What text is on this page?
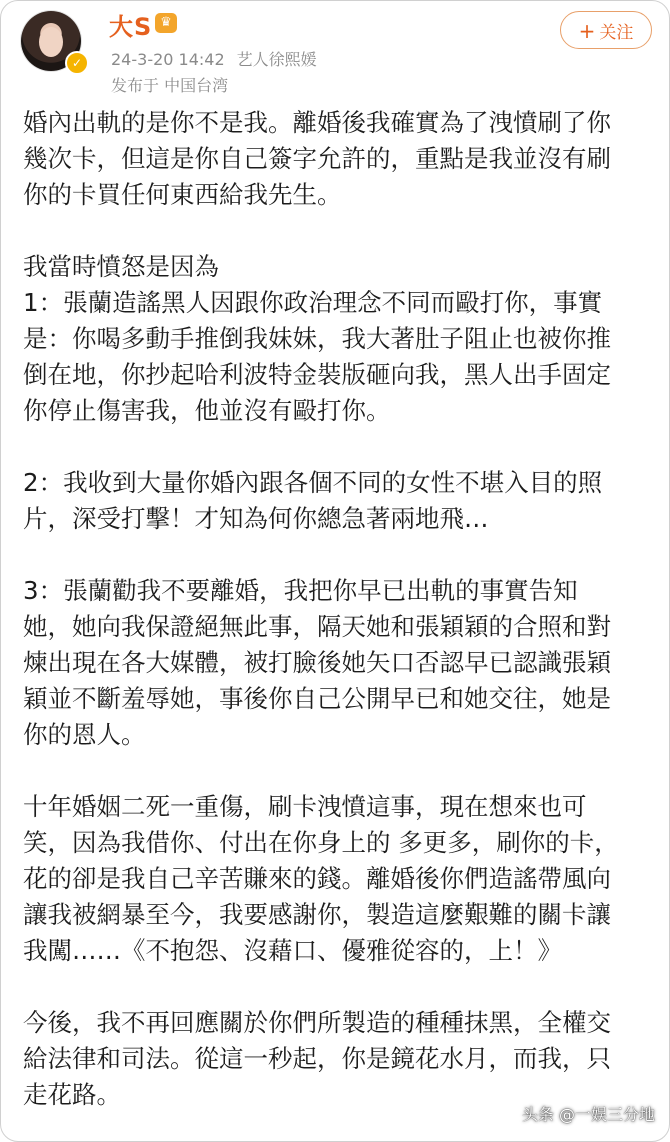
✓
大S ♛
24-3-20 14:42 艺人徐熙媛
发布于 中国台湾
+ 关注

婚內出軌的是你不是我。離婚後我確實為了洩憤刷了你
幾次卡，但這是你自己簽字允許的，重點是我並沒有刷
你的卡買任何東西給我先生。

我當時憤怒是因為
1：張蘭造謠黑人因跟你政治理念不同而毆打你，事實
是：你喝多動手推倒我妹妹，我大著肚子阻止也被你推
倒在地，你抄起哈利波特金裝版砸向我，黑人出手固定
你停止傷害我，他並沒有毆打你。

2：我收到大量你婚內跟各個不同的女性不堪入目的照
片，深受打擊！才知為何你總急著兩地飛…

3：張蘭勸我不要離婚，我把你早已出軌的事實告知
她，她向我保證絕無此事，隔天她和張穎穎的合照和對
煉出現在各大媒體，被打臉後她矢口否認早已認識張穎
穎並不斷羞辱她，事後你自己公開早已和她交往，她是
你的恩人。

十年婚姻二死一重傷，刷卡洩憤這事，現在想來也可
笑，因為我借你、付出在你身上的 多更多，刷你的卡，
花的卻是我自己辛苦賺來的錢。離婚後你們造謠帶風向
讓我被網暴至今，我要感謝你，製造這麼艱難的關卡讓
我闖……《不抱怨、沒藉口、優雅從容的，上！》

今後，我不再回應關於你們所製造的種種抹黑，全權交
給法律和司法。從這一秒起，你是鏡花水月，而我，只
走花路。

头条 @一娱三分地
